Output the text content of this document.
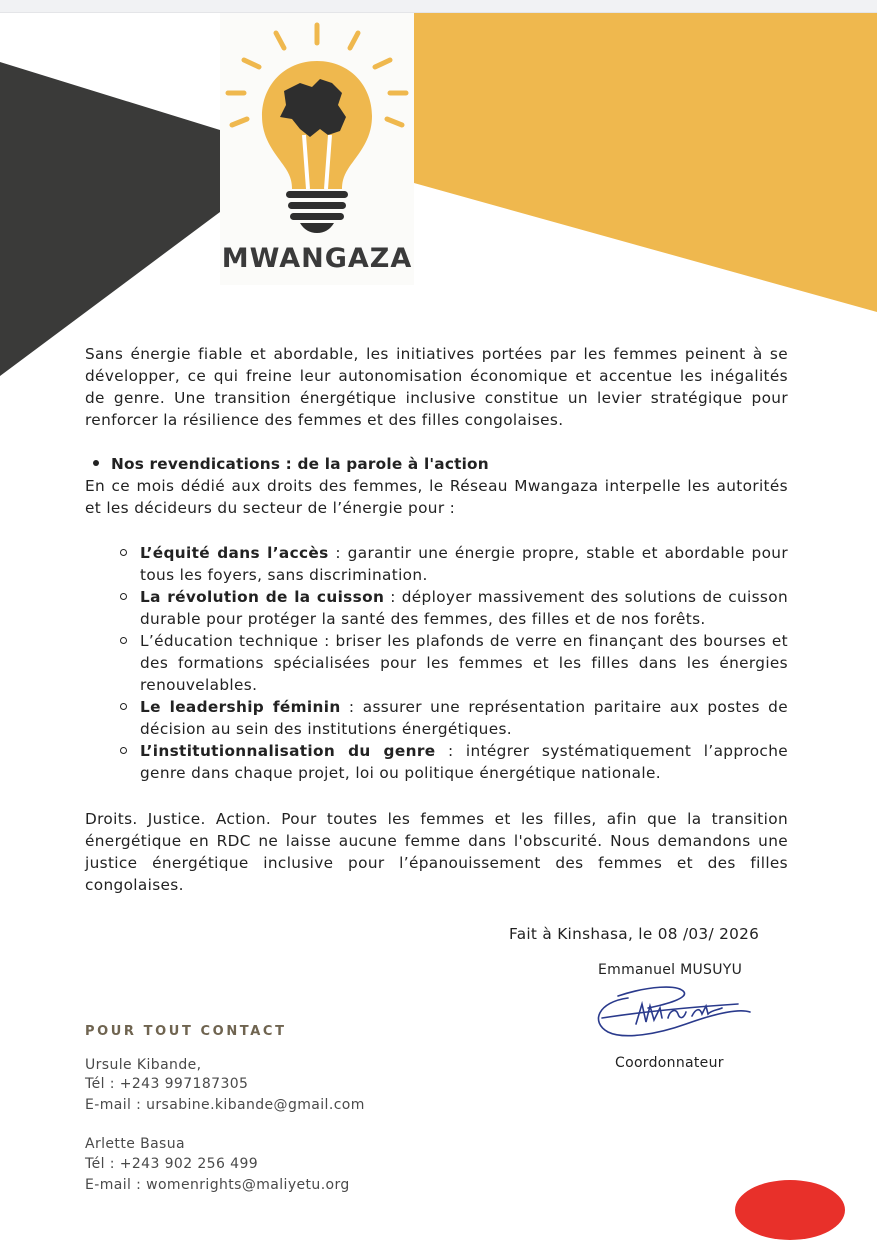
MWANGAZA

Sans énergie fiable et abordable, les initiatives portées par les femmes peinent à se développer, ce qui freine leur autonomisation économique et accentue les inégalités de genre. Une transition énergétique inclusive constitue un levier stratégique pour renforcer la résilience des femmes et des filles congolaises.

Nos revendications : de la parole à l'action

En ce mois dédié aux droits des femmes, le Réseau Mwangaza interpelle les autorités et les décideurs du secteur de l’énergie pour :

L’équité dans l’accès : garantir une énergie propre, stable et abordable pour tous les foyers, sans discrimination.
La révolution de la cuisson : déployer massivement des solutions de cuisson durable pour protéger la santé des femmes, des filles et de nos forêts.
L’éducation technique : briser les plafonds de verre en finançant des bourses et des formations spécialisées pour les femmes et les filles dans les énergies renouvelables.
Le leadership féminin : assurer une représentation paritaire aux postes de décision au sein des institutions énergétiques.
L’institutionnalisation du genre : intégrer systématiquement l’approche genre dans chaque projet, loi ou politique énergétique nationale.

Droits. Justice. Action. Pour toutes les femmes et les filles, afin que la transition énergétique en RDC ne laisse aucune femme dans l'obscurité. Nous demandons une justice énergétique inclusive pour l’épanouissement des femmes et des filles congolaises.

Fait à Kinshasa, le 08 /03/ 2026
Emmanuel MUSUYU
Coordonnateur
POUR TOUT CONTACT
Ursule Kibande,
Tél : +243 997187305
E-mail : ursabine.kibande@gmail.com
Arlette Basua
Tél : +243 902 256 499
E-mail : womenrights@maliyetu.org
